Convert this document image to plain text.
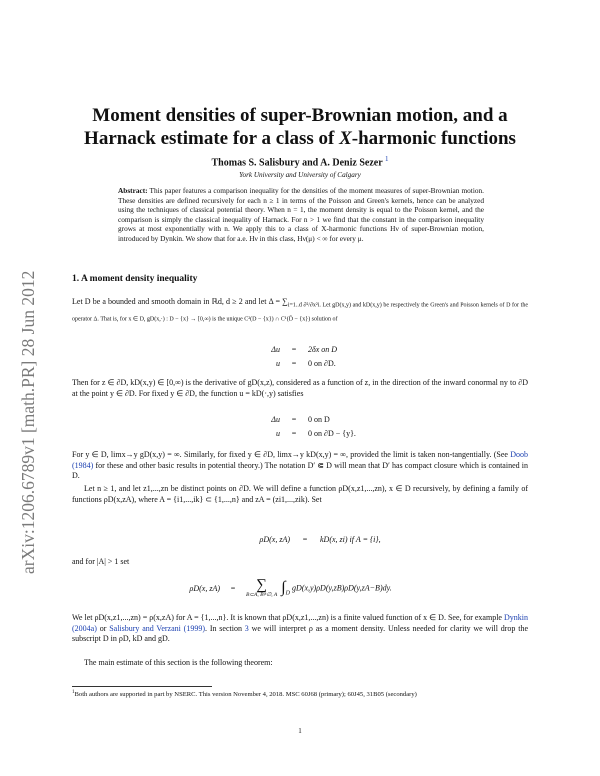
arXiv:1206.6789v1 [math.PR] 28 Jun 2012
Moment densities of super-Brownian motion, and a
Harnack estimate for a class of X-harmonic functions
Thomas S. Salisbury and A. Deniz Sezer $^1$
York University and University of Calgary
Abstract: This paper features a comparison inequality for the densities of the moment measures of super-Brownian motion. These densities are defined recursively for each n ≥ 1 in terms of the Poisson and Green's kernels, hence can be analyzed using the techniques of classical potential theory. When n = 1, the moment density is equal to the Poisson kernel, and the comparison is simply the classical inequality of Harnack. For n > 1 we find that the constant in the comparison inequality grows at most exponentially with n. We apply this to a class of X-harmonic functions Hν of super-Brownian motion, introduced by Dynkin. We show that for a.e. Hν in this class, Hν(μ) < ∞ for every μ.
1. A moment density inequality
Let D be a bounded and smooth domain in ℝd, d ≥ 2 and let $\Delta = \sum_{i=1..d \partial^2/\partial x^2i. Let gD(x,y) and kD(x,y) be respectively the Green's and Poisson kernels of D for the operator \Delta. That is, for x \in D, gD(x,\cdot) : D - \{x\} \to [0,\infty) is the unique C^2(D - \{x\}) \cap C^1(D̄ - \{x\}) solution of}$
Δu = 2δx on D
u = 0 on ∂D.
Then for z ∈ ∂D, kD(x,y) ∈ [0,∞) is the derivative of gD(x,z), considered as a function of z, in the direction of the inward conormal ny to ∂D at the point y ∈ ∂D. For fixed y ∈ ∂D, the function u = kD(·,y) satisfies
Δu = 0 on D
u = 0 on ∂D − {y}.
For y ∈ D, limx→y gD(x,y) = ∞. Similarly, for fixed y ∈ ∂D, limx→y kD(x,y) = ∞, provided the limit is taken non-tangentially. (See Doob (1984) for these and other basic results in potential theory.) The notation D′ ⋐ D will mean that D′ has compact closure which is contained in D.
Let n ≥ 1, and let z1,...,zn be distinct points on ∂D. We will define a function ρD(x,z1,...,zn), x ∈ D recursively, by defining a family of functions ρD(x,zA), where A = {i1,...,ik} ⊂ {1,...,n} and zA = (zi1,...,zik). Set
ρD(x, zA) = kD(x, zi) if A = {i},
and for |A| > 1 set
ρD(x, zA) =	∑
B⊂A, B≠∅, A $\int_D$ gD(x,y)ρD(y,zB)ρD(y,zA−B)dy.
We let ρD(x,z1,...,zn) = ρ(x,zA) for A = {1,...,n}. It is known that ρD(x,z1,...,zn) is a finite valued function of x ∈ D. See, for example Dynkin (2004a) or Salisbury and Verzani (1999). In section 3 we will interpret ρ as a moment density. Unless needed for clarity we will drop the subscript D in ρD, kD and gD.
The main estimate of this section is the following theorem:
$^1$Both authors are supported in part by NSERC. This version November 4, 2018. MSC 60J68 (primary); 60J45, 31B05 (secondary)
1
